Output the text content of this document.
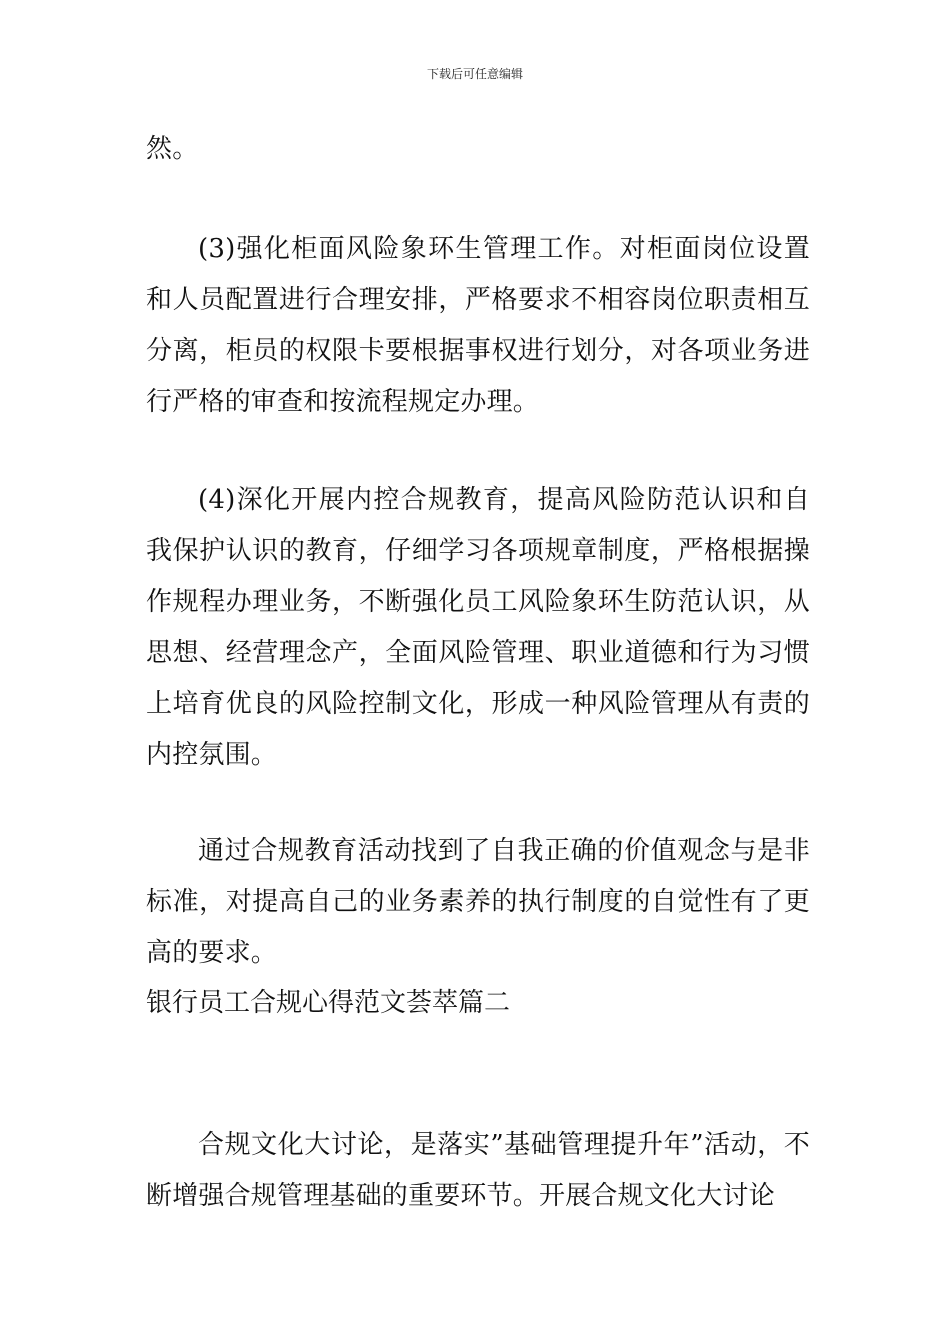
下载后可任意编辑

然。

(3)强化柜面风险象环生管理工作。对柜面岗位设置和人员配置进行合理安排，严格要求不相容岗位职责相互分离，柜员的权限卡要根据事权进行划分，对各项业务进行严格的审查和按流程规定办理。

(4)深化开展内控合规教育，提高风险防范认识和自我保护认识的教育，仔细学习各项规章制度，严格根据操作规程办理业务，不断强化员工风险象环生防范认识，从思想、经营理念产，全面风险管理、职业道德和行为习惯上培育优良的风险控制文化，形成一种风险管理从有责的内控氛围。

通过合规教育活动找到了自我正确的价值观念与是非标准，对提高自己的业务素养的执行制度的自觉性有了更高的要求。

银行员工合规心得范文荟萃篇二

合规文化大讨论，是落实”基础管理提升年”活动，不断增强合规管理基础的重要环节。开展合规文化大讨论
